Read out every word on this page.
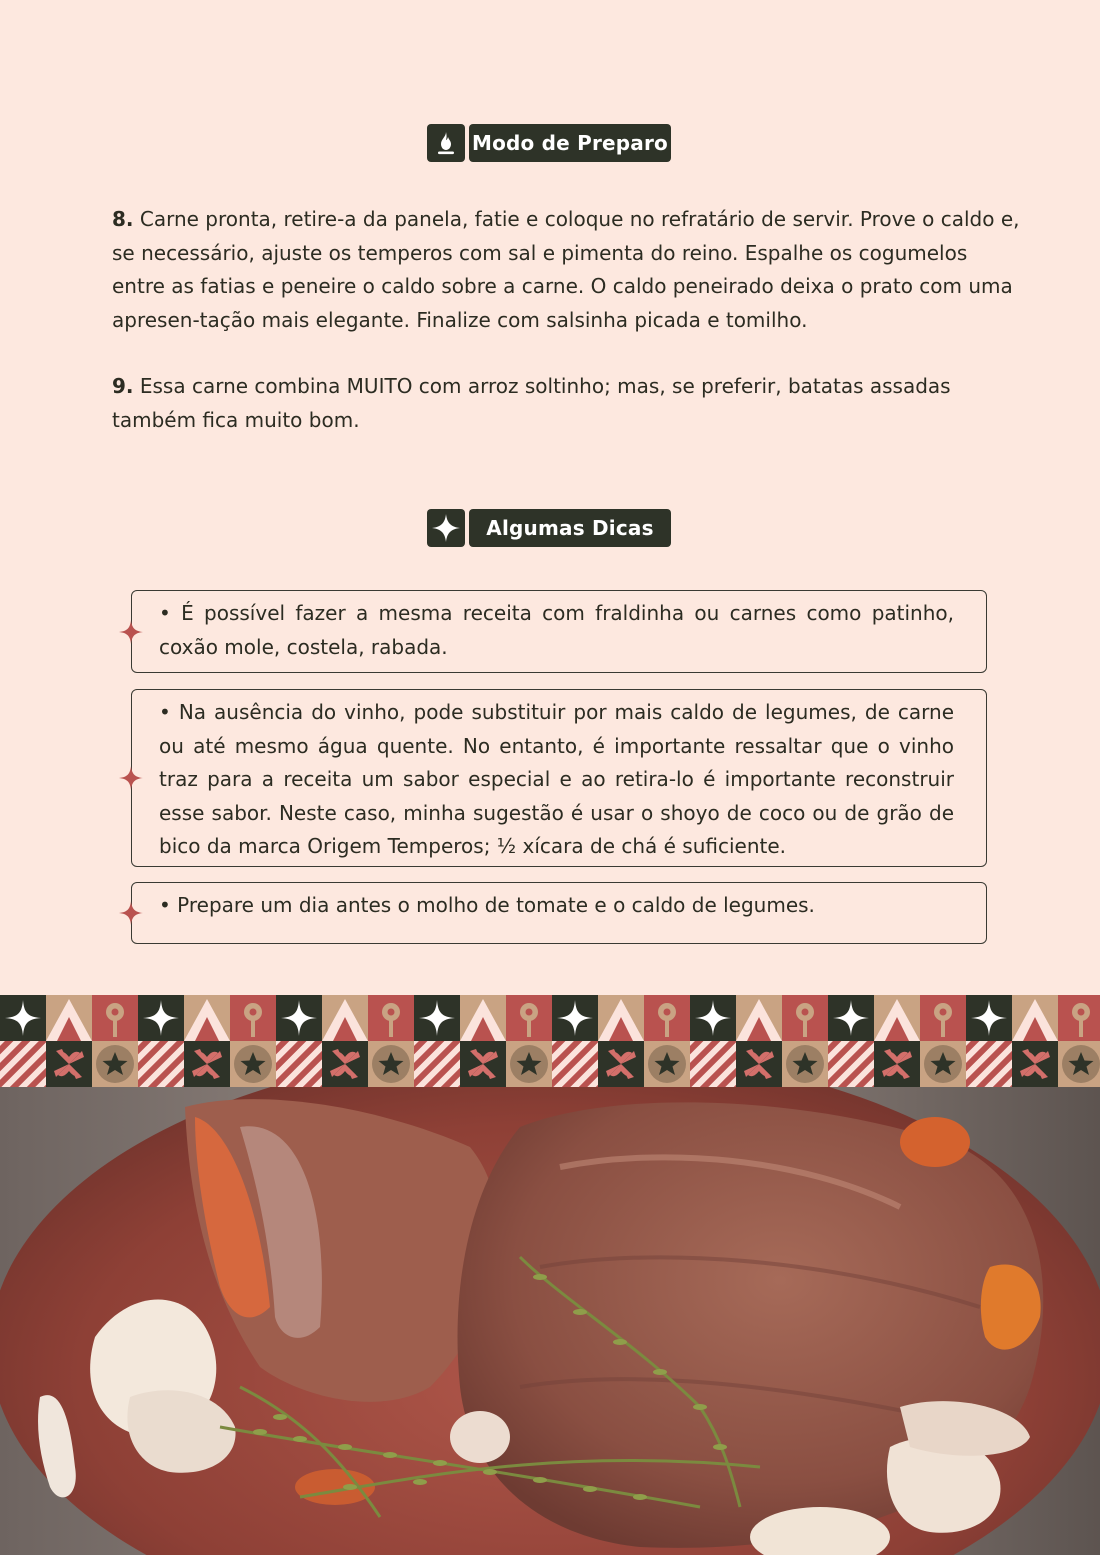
Modo de Preparo

8. Carne pronta, retire-a da panela, fatie e coloque no refratário de servir. Prove o caldo e, se necessário, ajuste os temperos com sal e pimenta do reino. Espalhe os cogumelos entre as fatias e peneire o caldo sobre a carne. O caldo peneirado deixa o prato com uma apresen-tação mais elegante. Finalize com salsinha picada e tomilho.

9. Essa carne combina MUITO com arroz soltinho; mas, se preferir, batatas assadas também fica muito bom.

Algumas Dicas
• É possível fazer a mesma receita com fraldinha ou carnes como patinho, coxão mole, costela, rabada.
• Na ausência do vinho, pode substituir por mais caldo de legumes, de carne ou até mesmo água quente. No entanto, é importante ressaltar que o vinho traz para a receita um sabor especial e ao retira-lo é importante reconstruir esse sabor. Neste caso, minha sugestão é usar o shoyo de coco ou de grão de bico da marca Origem Temperos; ½ xícara de chá é suficiente.
• Prepare um dia antes o molho de tomate e o caldo de legumes.
